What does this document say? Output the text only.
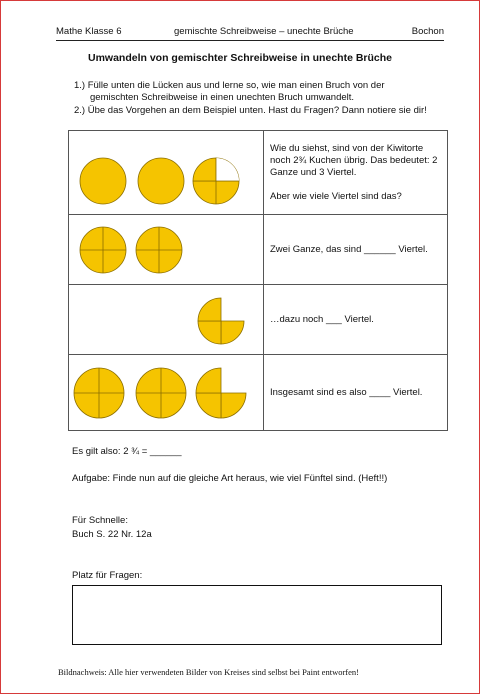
Mathe Klasse 6	gemischte Schreibweise – unechte Brüche	Bochon
Umwandeln von gemischter Schreibweise in unechte Brüche
1.) Fülle unten die Lücken aus und lerne so, wie man einen Bruch von der
gemischten Schreibweise in einen unechten Bruch umwandelt.
2.) Übe das Vorgehen an dem Beispiel unten. Hast du Fragen? Dann notiere sie dir!

Wie du siehst, sind von der Kiwitorte
noch 2¾ Kuchen übrig. Das bedeutet: 2
Ganze und 3 Viertel.
Aber wie viele Viertel sind das?

Zwei Ganze, das sind ______ Viertel.

…dazu noch ___ Viertel.

Insgesamt sind es also ____ Viertel.
Es gilt also: 2 ¾ = ______
Aufgabe: Finde nun auf die gleiche Art heraus, wie viel Fünftel sind. (Heft!!)
Für Schnelle:
Buch S. 22 Nr. 12a
Platz für Fragen:
Bildnachweis: Alle hier verwendeten Bilder von Kreises sind selbst bei Paint entworfen!
